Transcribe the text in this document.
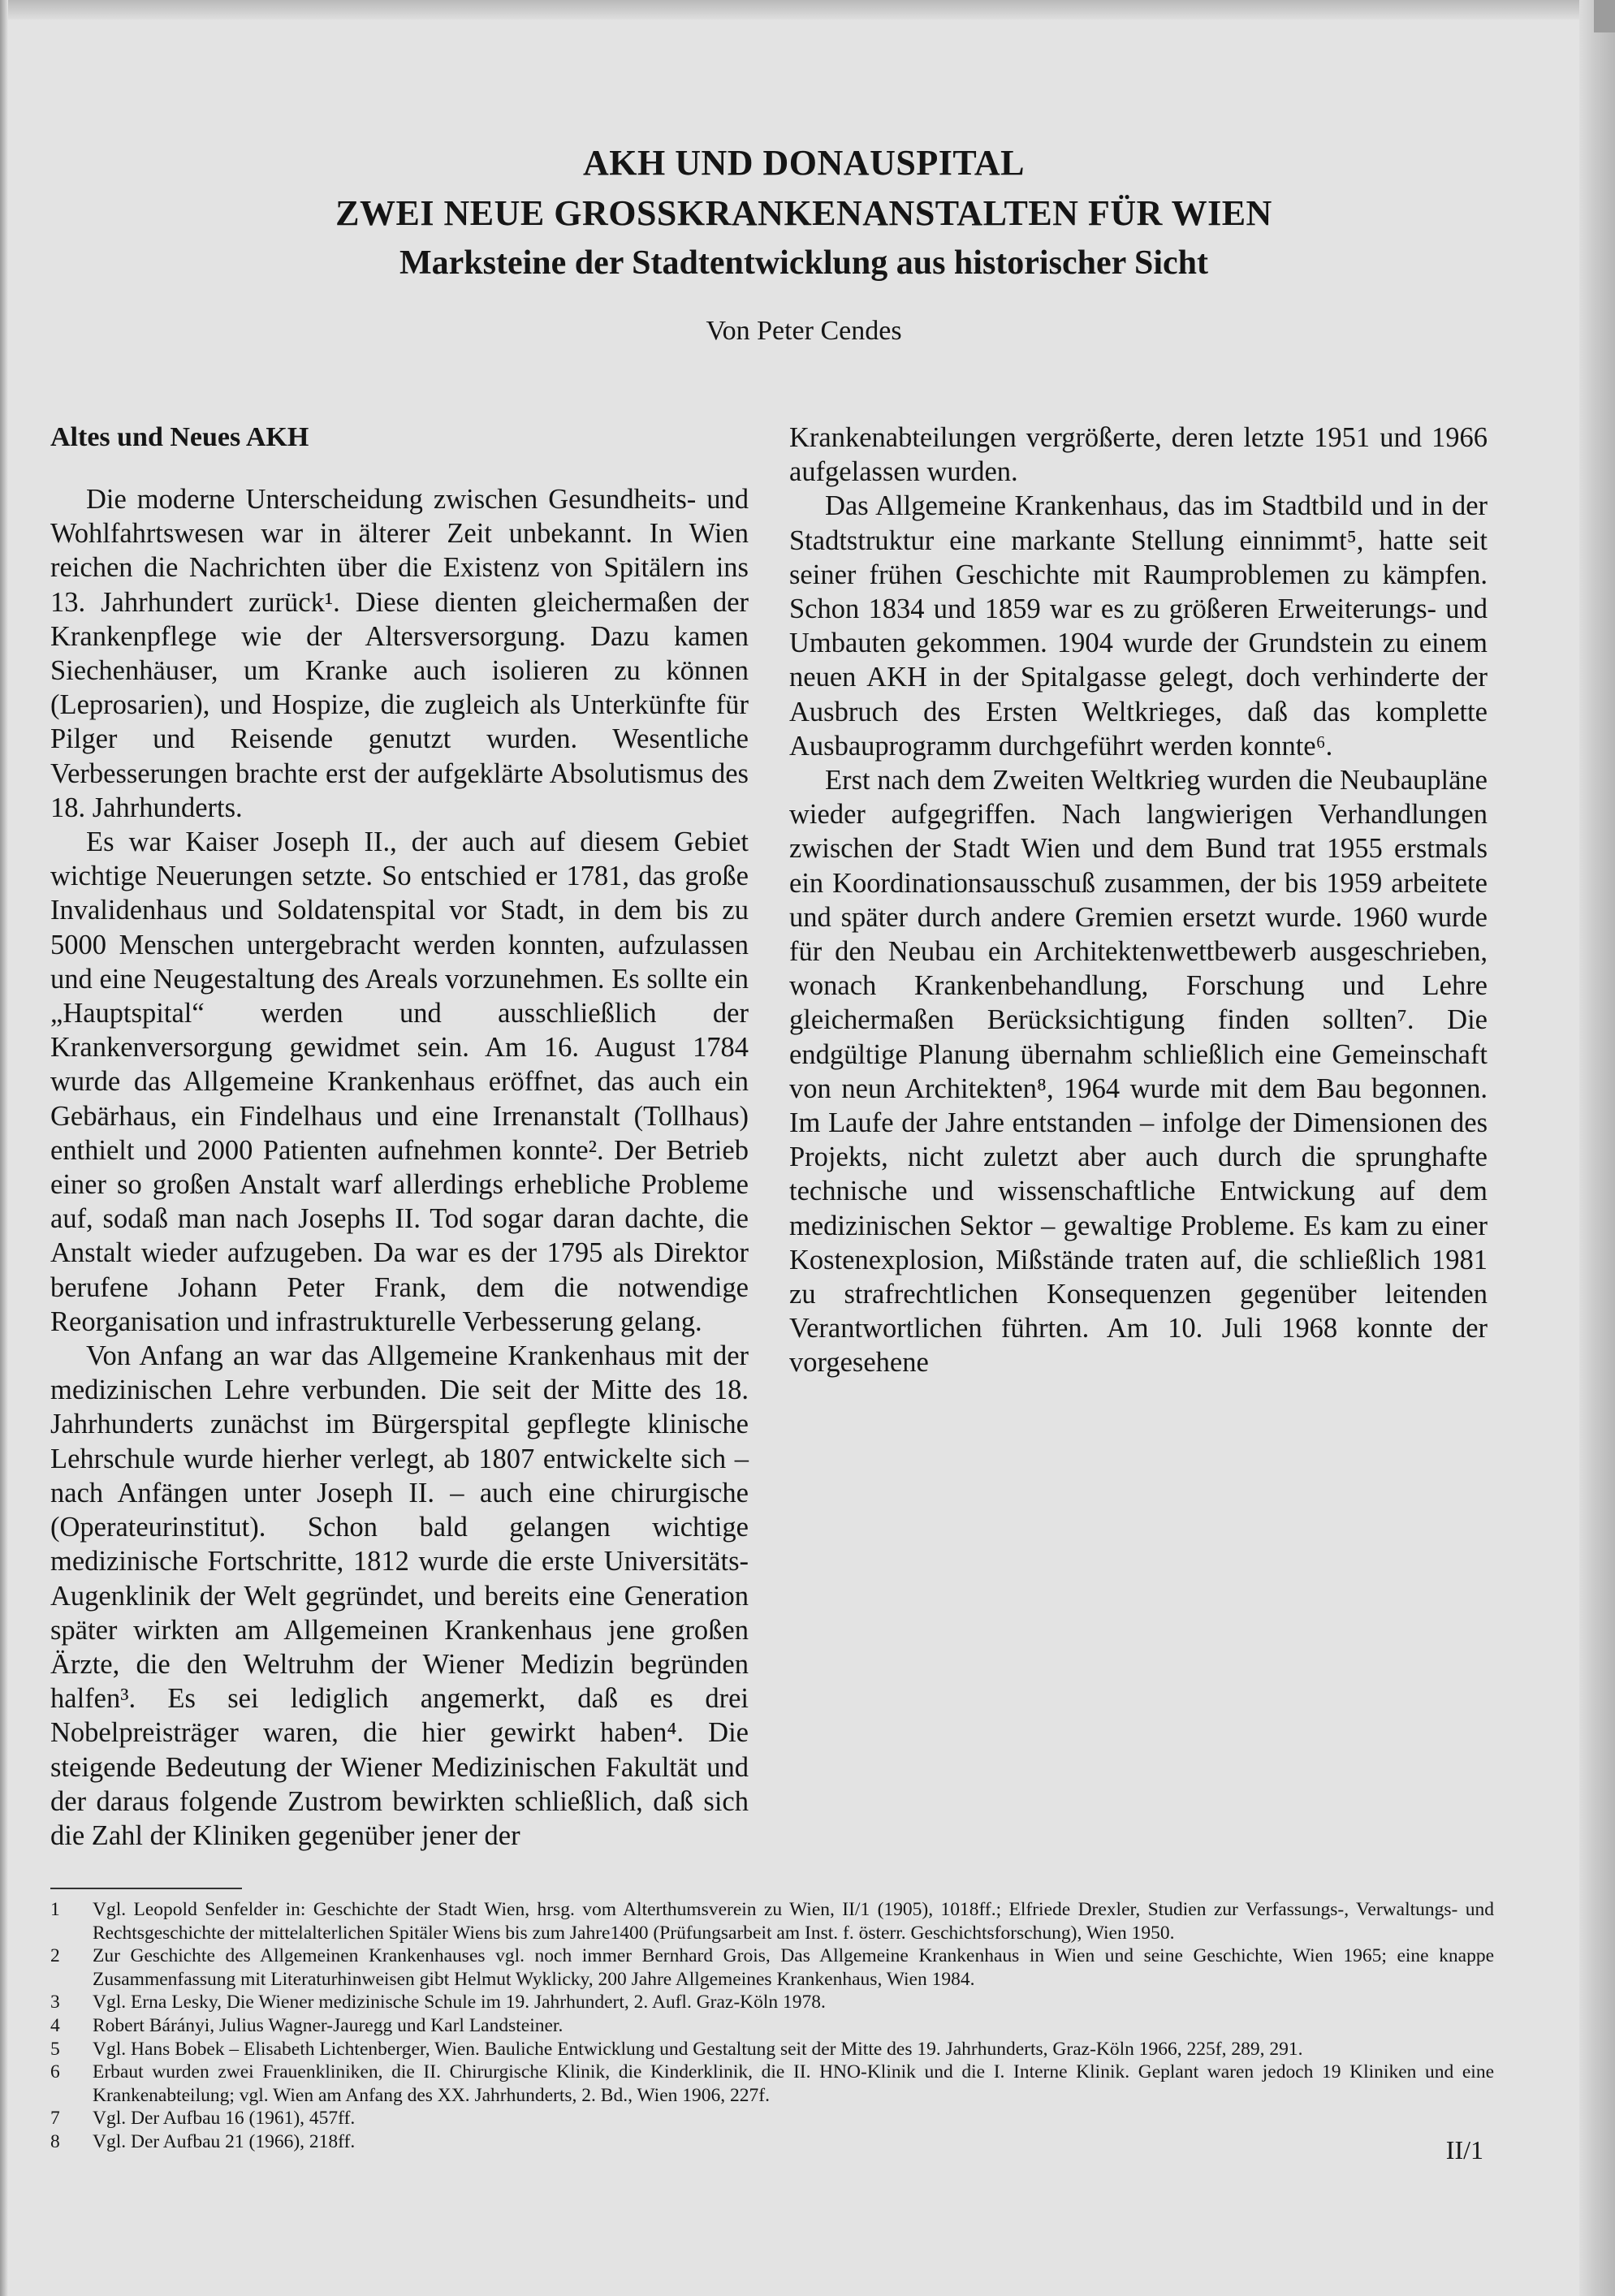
AKH UND DONAUSPITAL
ZWEI NEUE GROSSKRANKENANSTALTEN FÜR WIEN
Marksteine der Stadtentwicklung aus historischer Sicht
Von Peter Cendes
Altes und Neues AKH

Die moderne Unterscheidung zwischen Gesundheits- und Wohlfahrtswesen war in älterer Zeit unbekannt. In Wien reichen die Nachrichten über die Existenz von Spitälern ins 13. Jahrhundert zurück¹. Diese dienten gleichermaßen der Krankenpflege wie der Altersversorgung. Dazu kamen Siechenhäuser, um Kranke auch isolieren zu können (Leprosarien), und Hospize, die zugleich als Unterkünfte für Pilger und Reisende genutzt wurden. Wesentliche Verbesserungen brachte erst der aufgeklärte Absolutismus des 18. Jahrhunderts.

Es war Kaiser Joseph II., der auch auf diesem Gebiet wichtige Neuerungen setzte. So entschied er 1781, das große Invalidenhaus und Soldatenspital vor Stadt, in dem bis zu 5000 Menschen untergebracht werden konnten, aufzulassen und eine Neugestaltung des Areals vorzunehmen. Es sollte ein „Hauptspital“ werden und ausschließlich der Krankenversorgung gewidmet sein. Am 16. August 1784 wurde das Allgemeine Krankenhaus eröffnet, das auch ein Gebärhaus, ein Findelhaus und eine Irrenanstalt (Tollhaus) enthielt und 2000 Patienten aufnehmen konnte². Der Betrieb einer so großen Anstalt warf allerdings erhebliche Probleme auf, sodaß man nach Josephs II. Tod sogar daran dachte, die Anstalt wieder aufzugeben. Da war es der 1795 als Direktor berufene Johann Peter Frank, dem die notwendige Reorganisation und infrastrukturelle Verbesserung gelang.

Von Anfang an war das Allgemeine Krankenhaus mit der medizinischen Lehre verbunden. Die seit der Mitte des 18. Jahrhunderts zunächst im Bürgerspital gepflegte klinische Lehrschule wurde hierher verlegt, ab 1807 entwickelte sich – nach Anfängen unter Joseph II. – auch eine chirurgische (Operateurinstitut). Schon bald gelangen wichtige medizinische Fortschritte, 1812 wurde die erste Universitäts-Augenklinik der Welt gegründet, und bereits eine Generation später wirkten am Allgemeinen Krankenhaus jene großen Ärzte, die den Weltruhm der Wiener Medizin begründen halfen³. Es sei lediglich angemerkt, daß es drei Nobelpreisträger waren, die hier gewirkt haben⁴. Die steigende Bedeutung der Wiener Medizinischen Fakultät und der daraus folgende Zustrom bewirkten schließlich, daß sich die Zahl der Kliniken gegenüber jener der

Krankenabteilungen vergrößerte, deren letzte 1951 und 1966 aufgelassen wurden.

Das Allgemeine Krankenhaus, das im Stadtbild und in der Stadtstruktur eine markante Stellung einnimmt⁵, hatte seit seiner frühen Geschichte mit Raumproblemen zu kämpfen. Schon 1834 und 1859 war es zu größeren Erweiterungs- und Umbauten gekommen. 1904 wurde der Grundstein zu einem neuen AKH in der Spitalgasse gelegt, doch verhinderte der Ausbruch des Ersten Weltkrieges, daß das komplette Ausbauprogramm durchgeführt werden konnte⁶.

Erst nach dem Zweiten Weltkrieg wurden die Neubaupläne wieder aufgegriffen. Nach langwierigen Verhandlungen zwischen der Stadt Wien und dem Bund trat 1955 erstmals ein Koordinationsausschuß zusammen, der bis 1959 arbeitete und später durch andere Gremien ersetzt wurde. 1960 wurde für den Neubau ein Architektenwettbewerb ausgeschrieben, wonach Krankenbehandlung, Forschung und Lehre gleichermaßen Berücksichtigung finden sollten⁷. Die endgültige Planung übernahm schließlich eine Gemeinschaft von neun Architekten⁸, 1964 wurde mit dem Bau begonnen. Im Laufe der Jahre entstanden – infolge der Dimensionen des Projekts, nicht zuletzt aber auch durch die sprunghafte technische und wissenschaftliche Entwickung auf dem medizinischen Sektor – gewaltige Probleme. Es kam zu einer Kostenexplosion, Mißstände traten auf, die schließlich 1981 zu strafrechtlichen Konsequenzen gegenüber leitenden Verantwortlichen führten. Am 10. Juli 1968 konnte der vorgesehene

1 Vgl. Leopold Senfelder in: Geschichte der Stadt Wien, hrsg. vom Alterthumsverein zu Wien, II/1 (1905), 1018ff.; Elfriede Drexler, Studien zur Verfassungs-, Verwaltungs- und Rechtsgeschichte der mittelalterlichen Spitäler Wiens bis zum Jahre1400 (Prüfungsarbeit am Inst. f. österr. Geschichtsforschung), Wien 1950.
2 Zur Geschichte des Allgemeinen Krankenhauses vgl. noch immer Bernhard Grois, Das Allgemeine Krankenhaus in Wien und seine Geschichte, Wien 1965; eine knappe Zusammenfassung mit Literaturhinweisen gibt Helmut Wyklicky, 200 Jahre Allgemeines Krankenhaus, Wien 1984.
3 Vgl. Erna Lesky, Die Wiener medizinische Schule im 19. Jahrhundert, 2. Aufl. Graz-Köln 1978.
4 Robert Bárányi, Julius Wagner-Jauregg und Karl Landsteiner.
5 Vgl. Hans Bobek – Elisabeth Lichtenberger, Wien. Bauliche Entwicklung und Gestaltung seit der Mitte des 19. Jahrhunderts, Graz-Köln 1966, 225f, 289, 291.
6 Erbaut wurden zwei Frauenkliniken, die II. Chirurgische Klinik, die Kinderklinik, die II. HNO-Klinik und die I. Interne Klinik. Geplant waren jedoch 19 Kliniken und eine Krankenabteilung; vgl. Wien am Anfang des XX. Jahrhunderts, 2. Bd., Wien 1906, 227f.
7 Vgl. Der Aufbau 16 (1961), 457ff.
8 Vgl. Der Aufbau 21 (1966), 218ff.	II/1
